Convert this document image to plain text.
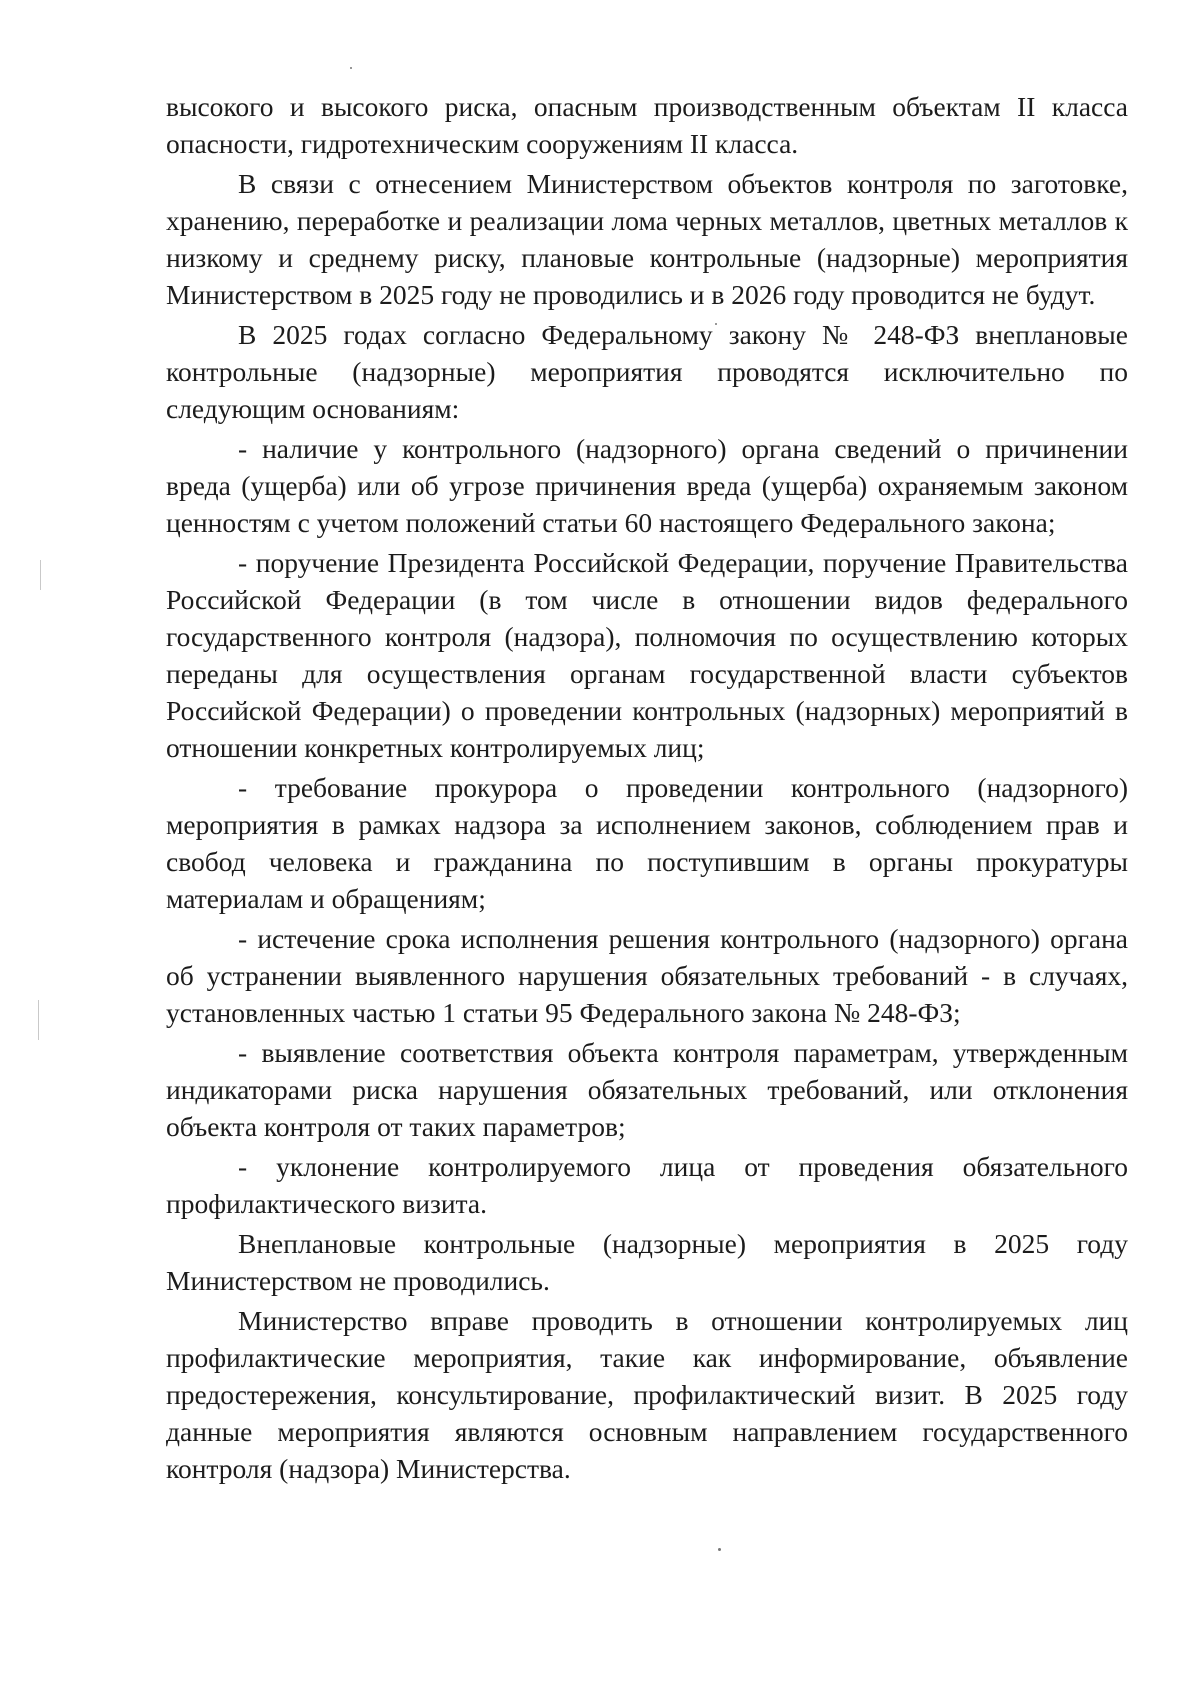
высокого и высокого риска, опасным производственным объектам II класса опасности, гидротехническим сооружениям II класса.

В связи с отнесением Министерством объектов контроля по заготовке, хранению, переработке и реализации лома черных металлов, цветных металлов к низкому и среднему риску, плановые контрольные (надзорные) мероприятия Министерством в 2025 году не проводились и в 2026 году проводится не будут.

В 2025 годах согласно Федеральному закону № 248-ФЗ внеплановые контрольные (надзорные) мероприятия проводятся исключительно по следующим основаниям:

- наличие у контрольного (надзорного) органа сведений о причинении вреда (ущерба) или об угрозе причинения вреда (ущерба) охраняемым законом ценностям с учетом положений статьи 60 настоящего Федерального закона;

- поручение Президента Российской Федерации, поручение Правительства Российской Федерации (в том числе в отношении видов федерального государственного контроля (надзора), полномочия по осуществлению которых переданы для осуществления органам государственной власти субъектов Российской Федерации) о проведении контрольных (надзорных) мероприятий в отношении конкретных контролируемых лиц;

- требование прокурора о проведении контрольного (надзорного) мероприятия в рамках надзора за исполнением законов, соблюдением прав и свобод человека и гражданина по поступившим в органы прокуратуры материалам и обращениям;

- истечение срока исполнения решения контрольного (надзорного) органа об устранении выявленного нарушения обязательных требований - в случаях, установленных частью 1 статьи 95 Федерального закона № 248-ФЗ;

- выявление соответствия объекта контроля параметрам, утвержденным индикаторами риска нарушения обязательных требований, или отклонения объекта контроля от таких параметров;

- уклонение контролируемого лица от проведения обязательного профилактического визита.

Внеплановые контрольные (надзорные) мероприятия в 2025 году Министерством не проводились.

Министерство вправе проводить в отношении контролируемых лиц профилактические мероприятия, такие как информирование, объявление предостережения, консультирование, профилактический визит. В 2025 году данные мероприятия являются основным направлением государственного контроля (надзора) Министерства.
